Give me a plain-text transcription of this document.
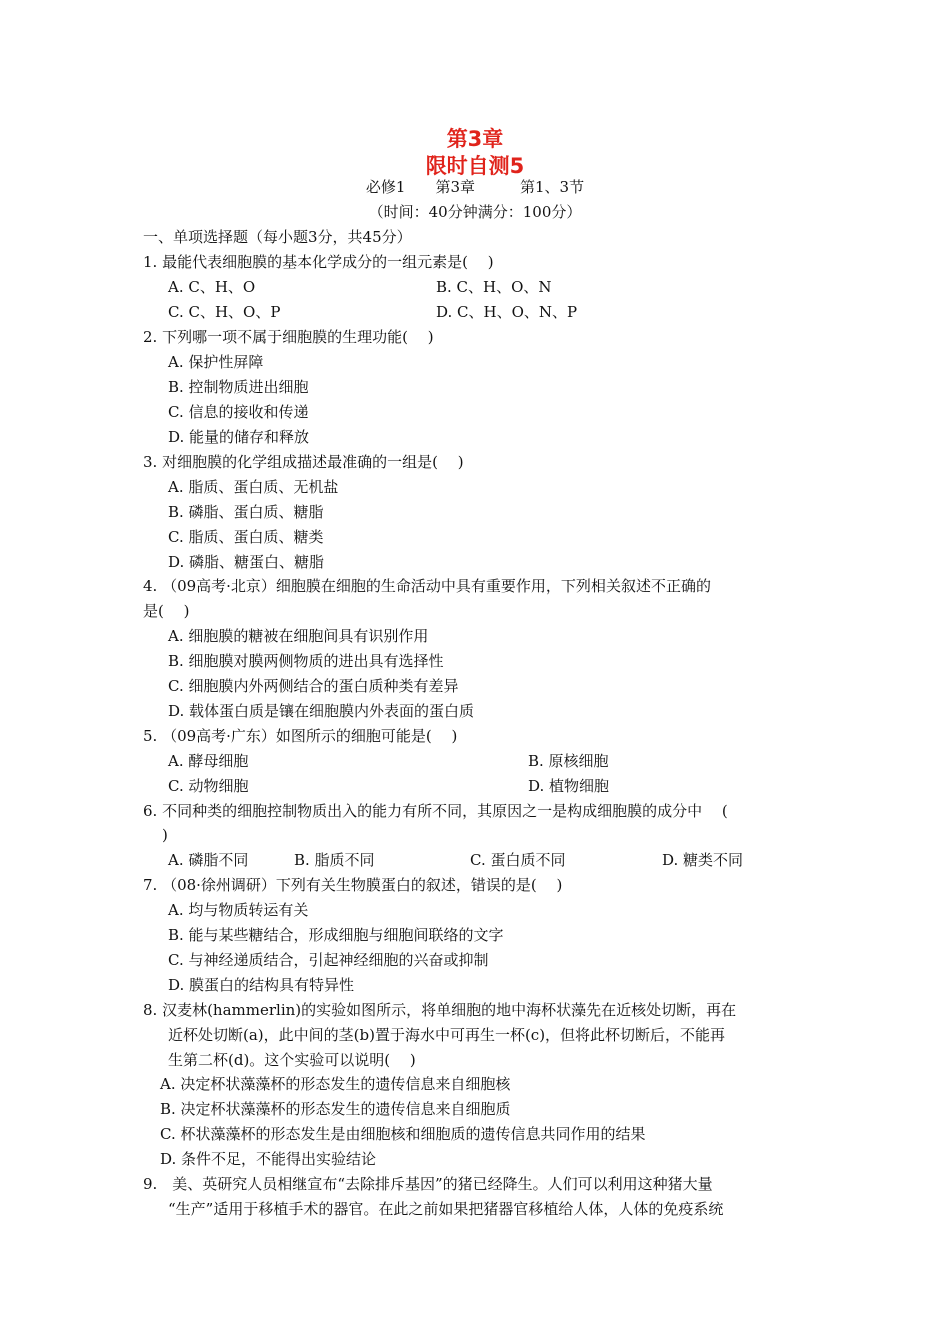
第3章
限时自测5
必修1　　第3章　　　第1、3节
（时间：40分钟满分：100分）
一、单项选择题（每小题3分，共45分）
1. 最能代表细胞膜的基本化学成分的一组元素是(　 )
A. C、H、O	B. C、H、O、N
C. C、H、O、P	D. C、H、O、N、P
2. 下列哪一项不属于细胞膜的生理功能(　 )
A. 保护性屏障
B. 控制物质进出细胞
C. 信息的接收和传递
D. 能量的储存和释放
3. 对细胞膜的化学组成描述最准确的一组是(　 )
A. 脂质、蛋白质、无机盐
B. 磷脂、蛋白质、糖脂
C. 脂质、蛋白质、糖类
D. 磷脂、糖蛋白、糖脂
4. （09高考·北京）细胞膜在细胞的生命活动中具有重要作用，下列相关叙述不正确的
是(　 )
A. 细胞膜的糖被在细胞间具有识别作用
B. 细胞膜对膜两侧物质的进出具有选择性
C. 细胞膜内外两侧结合的蛋白质种类有差异
D. 载体蛋白质是镶在细胞膜内外表面的蛋白质
5. （09高考·广东）如图所示的细胞可能是(　 )
A. 酵母细胞	B. 原核细胞
C. 动物细胞	D. 植物细胞
6. 不同种类的细胞控制物质出入的能力有所不同，其原因之一是构成细胞膜的成分中　 (
)
A. 磷脂不同	B. 脂质不同	C. 蛋白质不同	D. 糖类不同
7. （08·徐州调研）下列有关生物膜蛋白的叙述，错误的是(　 )
A. 均与物质转运有关
B. 能与某些糖结合，形成细胞与细胞间联络的文字
C. 与神经递质结合，引起神经细胞的兴奋或抑制
D. 膜蛋白的结构具有特异性
8. 汉麦林(hammerlin)的实验如图所示，将单细胞的地中海杯状藻先在近核处切断，再在
近杯处切断(a)，此中间的茎(b)置于海水中可再生一杯(c)，但将此杯切断后，不能再
生第二杯(d)。这个实验可以说明(　 )
A. 决定杯状藻藻杯的形态发生的遗传信息来自细胞核
B. 决定杯状藻藻杯的形态发生的遗传信息来自细胞质
C. 杯状藻藻杯的形态发生是由细胞核和细胞质的遗传信息共同作用的结果
D. 条件不足，不能得出实验结论
9.　美、英研究人员相继宣布“去除排斥基因”的猪已经降生。人们可以利用这种猪大量
“生产”适用于移植手术的器官。在此之前如果把猪器官移植给人体，人体的免疫系统
